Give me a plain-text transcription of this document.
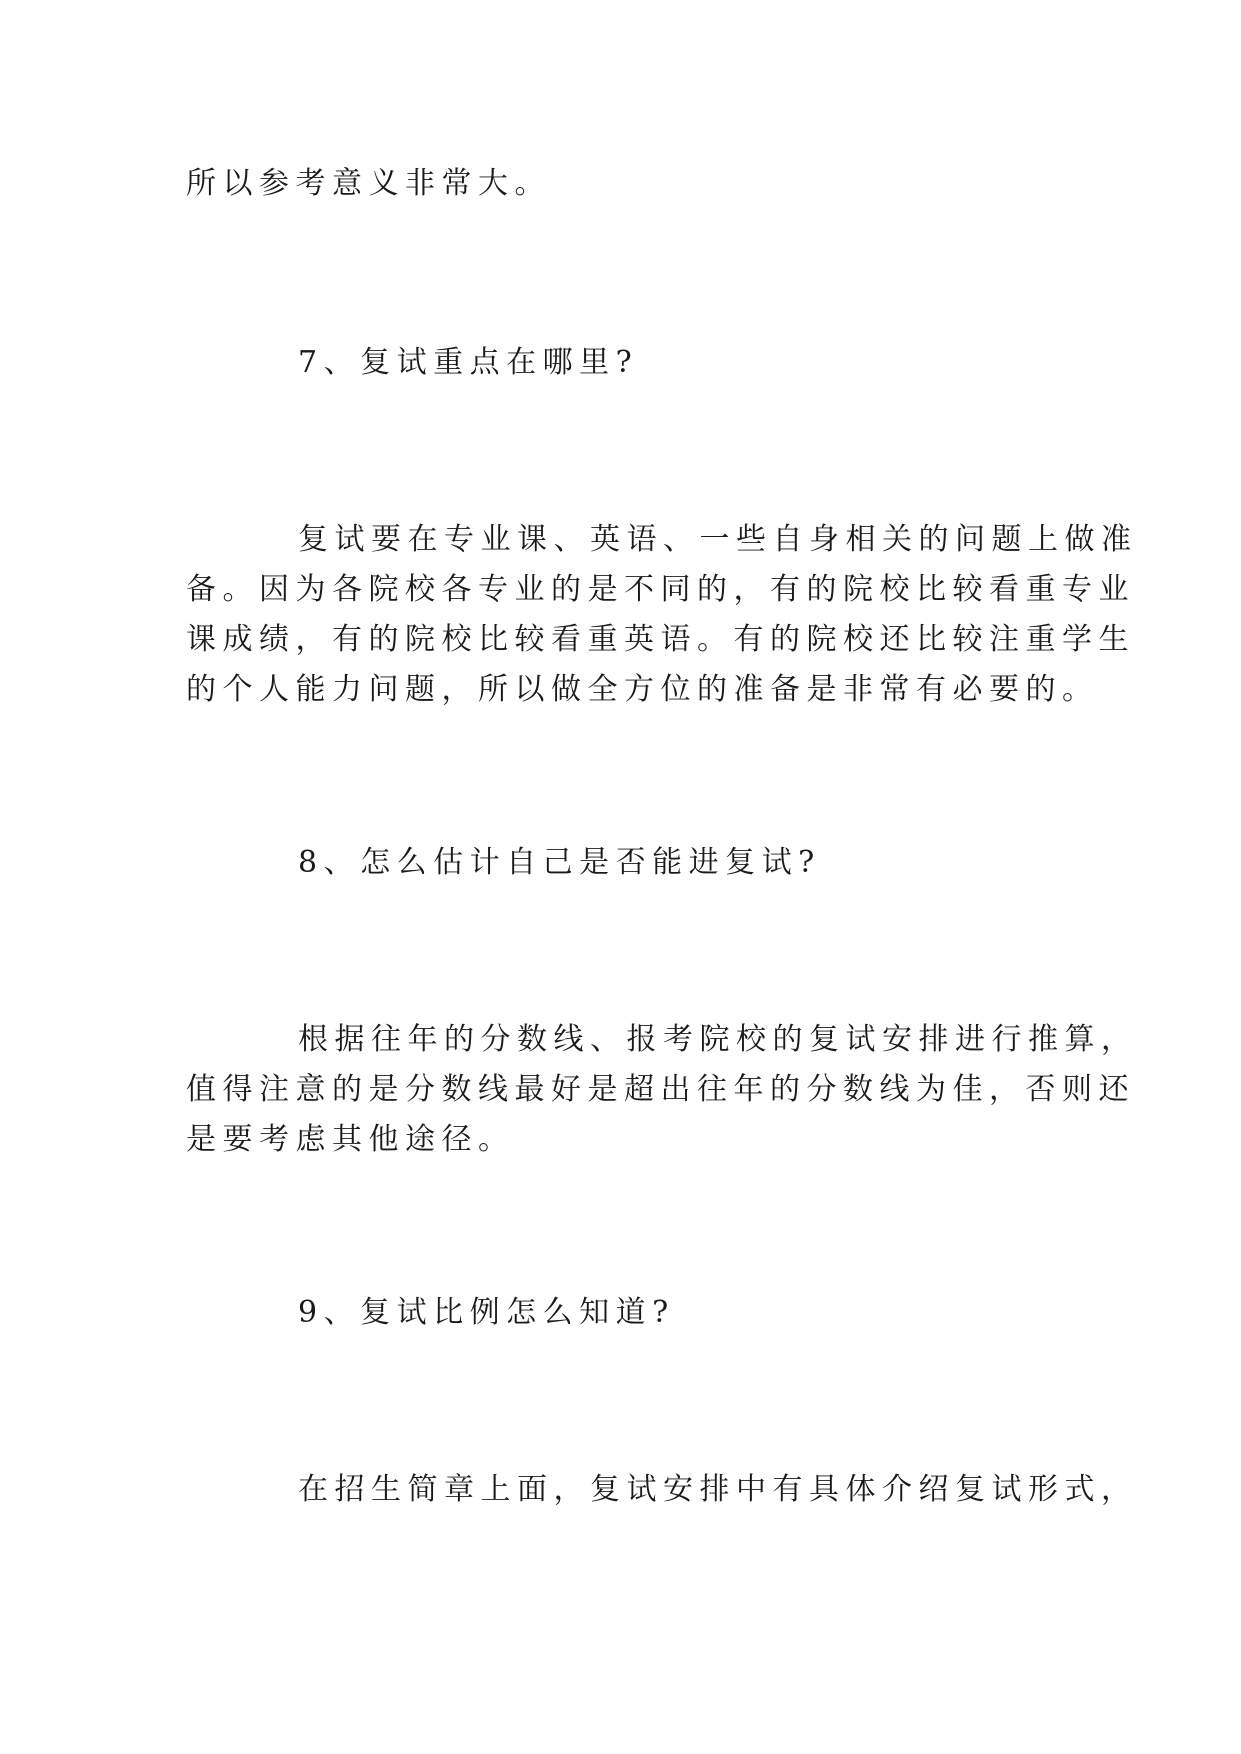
所以参考意义非常大。

7、复试重点在哪里?

复试要在专业课、英语、一些自身相关的问题上做准

备。因为各院校各专业的是不同的，有的院校比较看重专业

课成绩，有的院校比较看重英语。有的院校还比较注重学生

的个人能力问题，所以做全方位的准备是非常有必要的。

8、怎么估计自己是否能进复试?

根据往年的分数线、报考院校的复试安排进行推算，

值得注意的是分数线最好是超出往年的分数线为佳，否则还

是要考虑其他途径。

9、复试比例怎么知道?

在招生简章上面，复试安排中有具体介绍复试形式，
